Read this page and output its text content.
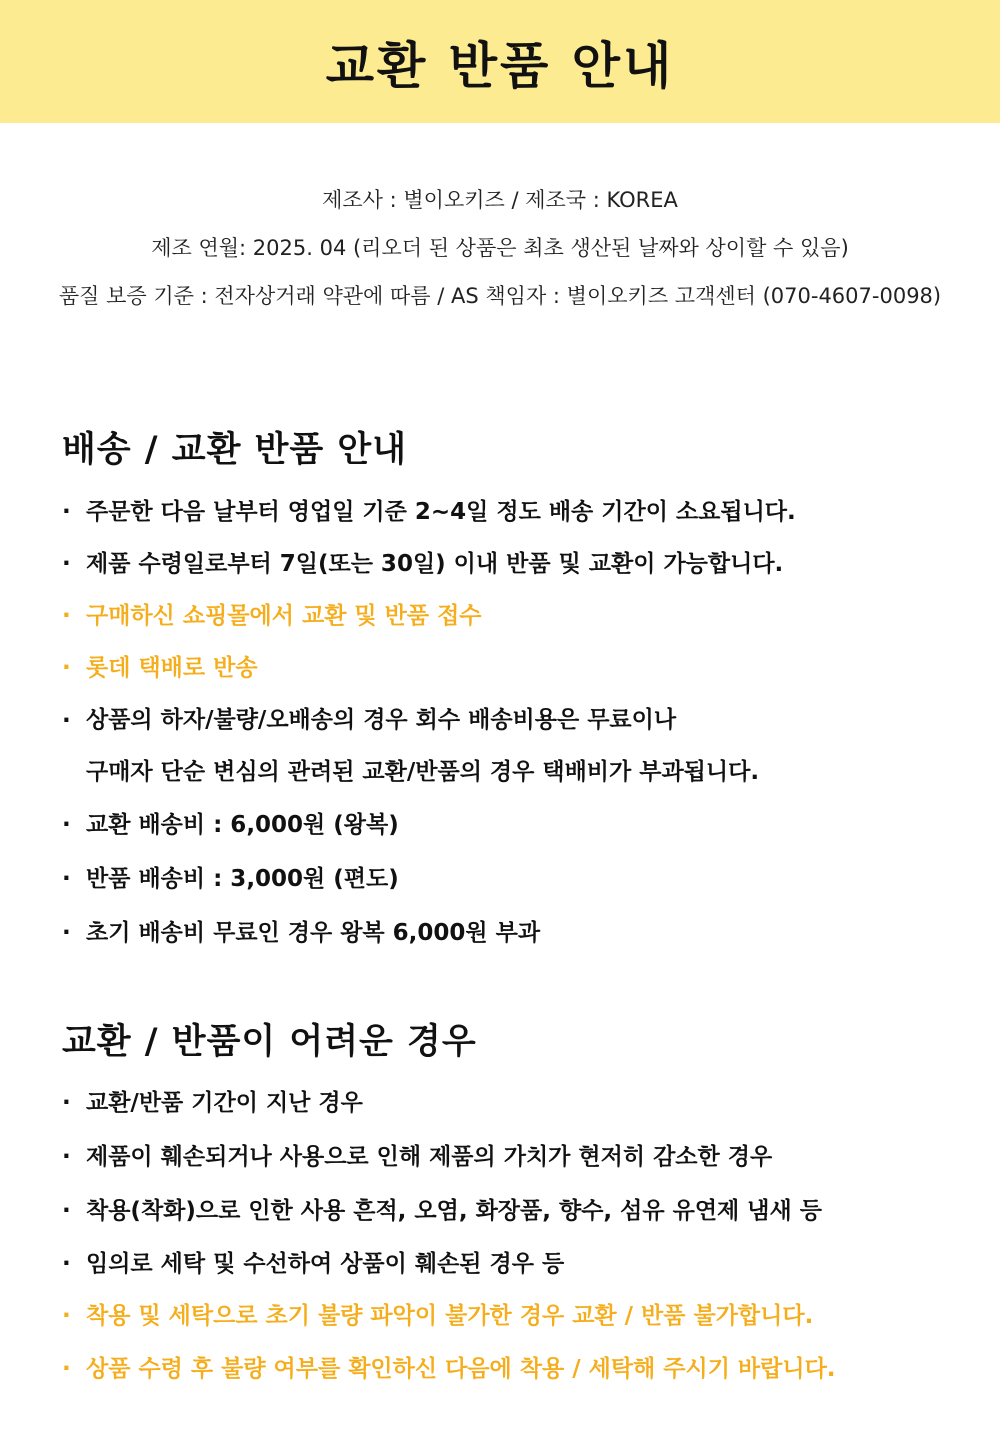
교환 반품 안내
제조사 : 별이오키즈 / 제조국 : KOREA
제조 연월: 2025. 04 (리오더 된 상품은 최초 생산된 날짜와 상이할 수 있음)
품질 보증 기준 : 전자상거래 약관에 따름 / AS 책임자 : 별이오키즈 고객센터 (070-4607-0098)
배송 / 교환 반품 안내
· 주문한 다음 날부터 영업일 기준 2~4일 정도 배송 기간이 소요됩니다.
· 제품 수령일로부터 7일(또는 30일) 이내 반품 및 교환이 가능합니다.
· 구매하신 쇼핑몰에서 교환 및 반품 접수
· 롯데 택배로 반송
· 상품의 하자/불량/오배송의 경우 회수 배송비용은 무료이나
구매자 단순 변심의 관려된 교환/반품의 경우 택배비가 부과됩니다.
· 교환 배송비 : 6,000원 (왕복)
· 반품 배송비 : 3,000원 (편도)
· 초기 배송비 무료인 경우 왕복 6,000원 부과
교환 / 반품이 어려운 경우
· 교환/반품 기간이 지난 경우
· 제품이 훼손되거나 사용으로 인해 제품의 가치가 현저히 감소한 경우
· 착용(착화)으로 인한 사용 흔적, 오염, 화장품, 향수, 섬유 유연제 냄새 등
· 임의로 세탁 및 수선하여 상품이 훼손된 경우 등
· 착용 및 세탁으로 초기 불량 파악이 불가한 경우 교환 / 반품 불가합니다.
· 상품 수령 후 불량 여부를 확인하신 다음에 착용 / 세탁해 주시기 바랍니다.
